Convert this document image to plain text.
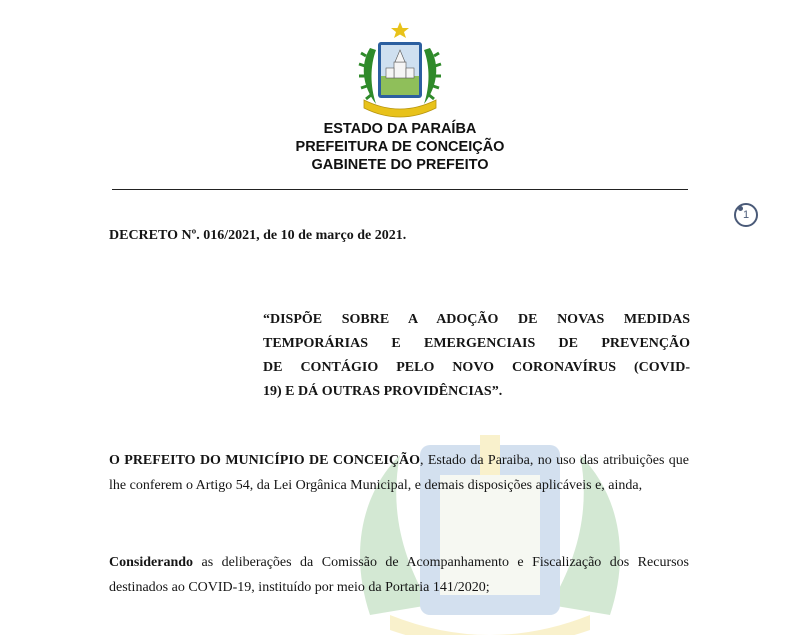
ESTADO DA PARAÍBA
PREFEITURA DE CONCEIÇÃO
GABINETE DO PREFEITO
1
DECRETO Nº. 016/2021, de 10 de março de 2021.
“DISPÕE SOBRE A ADOÇÃO DE NOVAS MEDIDAS
TEMPORÁRIAS E EMERGENCIAIS DE PREVENÇÃO
DE CONTÁGIO PELO NOVO CORONAVÍRUS (COVID-
19) E DÁ OUTRAS PROVIDÊNCIAS”.
O PREFEITO DO MUNICÍPIO DE CONCEIÇÃO, Estado da Paraiba, no uso das atribuições que lhe conferem o Artigo 54, da Lei Orgânica Municipal, e demais disposições aplicáveis e, ainda,
Considerando as deliberações da Comissão de Acompanhamento e Fiscalização dos Recursos destinados ao COVID-19, instituído por meio da Portaria 141/2020;
